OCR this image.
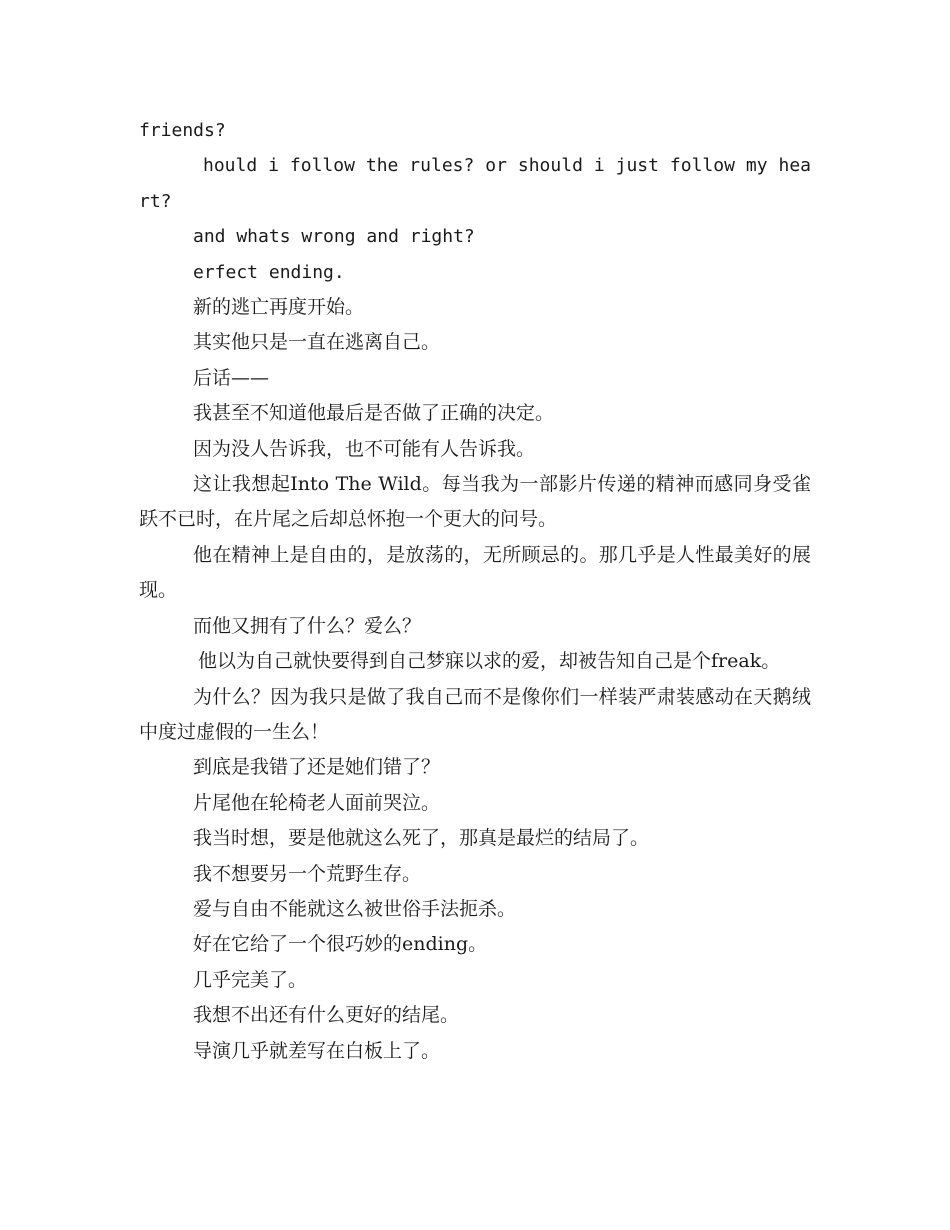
friends?

hould i follow the rules? or should i just follow my heart?

and whats wrong and right?

erfect ending.

新的逃亡再度开始。

其实他只是一直在逃离自己。

后话——

我甚至不知道他最后是否做了正确的决定。

因为没人告诉我，也不可能有人告诉我。

这让我想起Into The Wild。每当我为一部影片传递的精神而感同身受雀跃不已时，在片尾之后却总怀抱一个更大的问号。

他在精神上是自由的，是放荡的，无所顾忌的。那几乎是人性最美好的展现。

而他又拥有了什么？爱么？

他以为自己就快要得到自己梦寐以求的爱，却被告知自己是个freak。

为什么？因为我只是做了我自己而不是像你们一样装严肃装感动在天鹅绒中度过虚假的一生么！

到底是我错了还是她们错了？

片尾他在轮椅老人面前哭泣。

我当时想，要是他就这么死了，那真是最烂的结局了。

我不想要另一个荒野生存。

爱与自由不能就这么被世俗手法扼杀。

好在它给了一个很巧妙的ending。

几乎完美了。

我想不出还有什么更好的结尾。

导演几乎就差写在白板上了。
